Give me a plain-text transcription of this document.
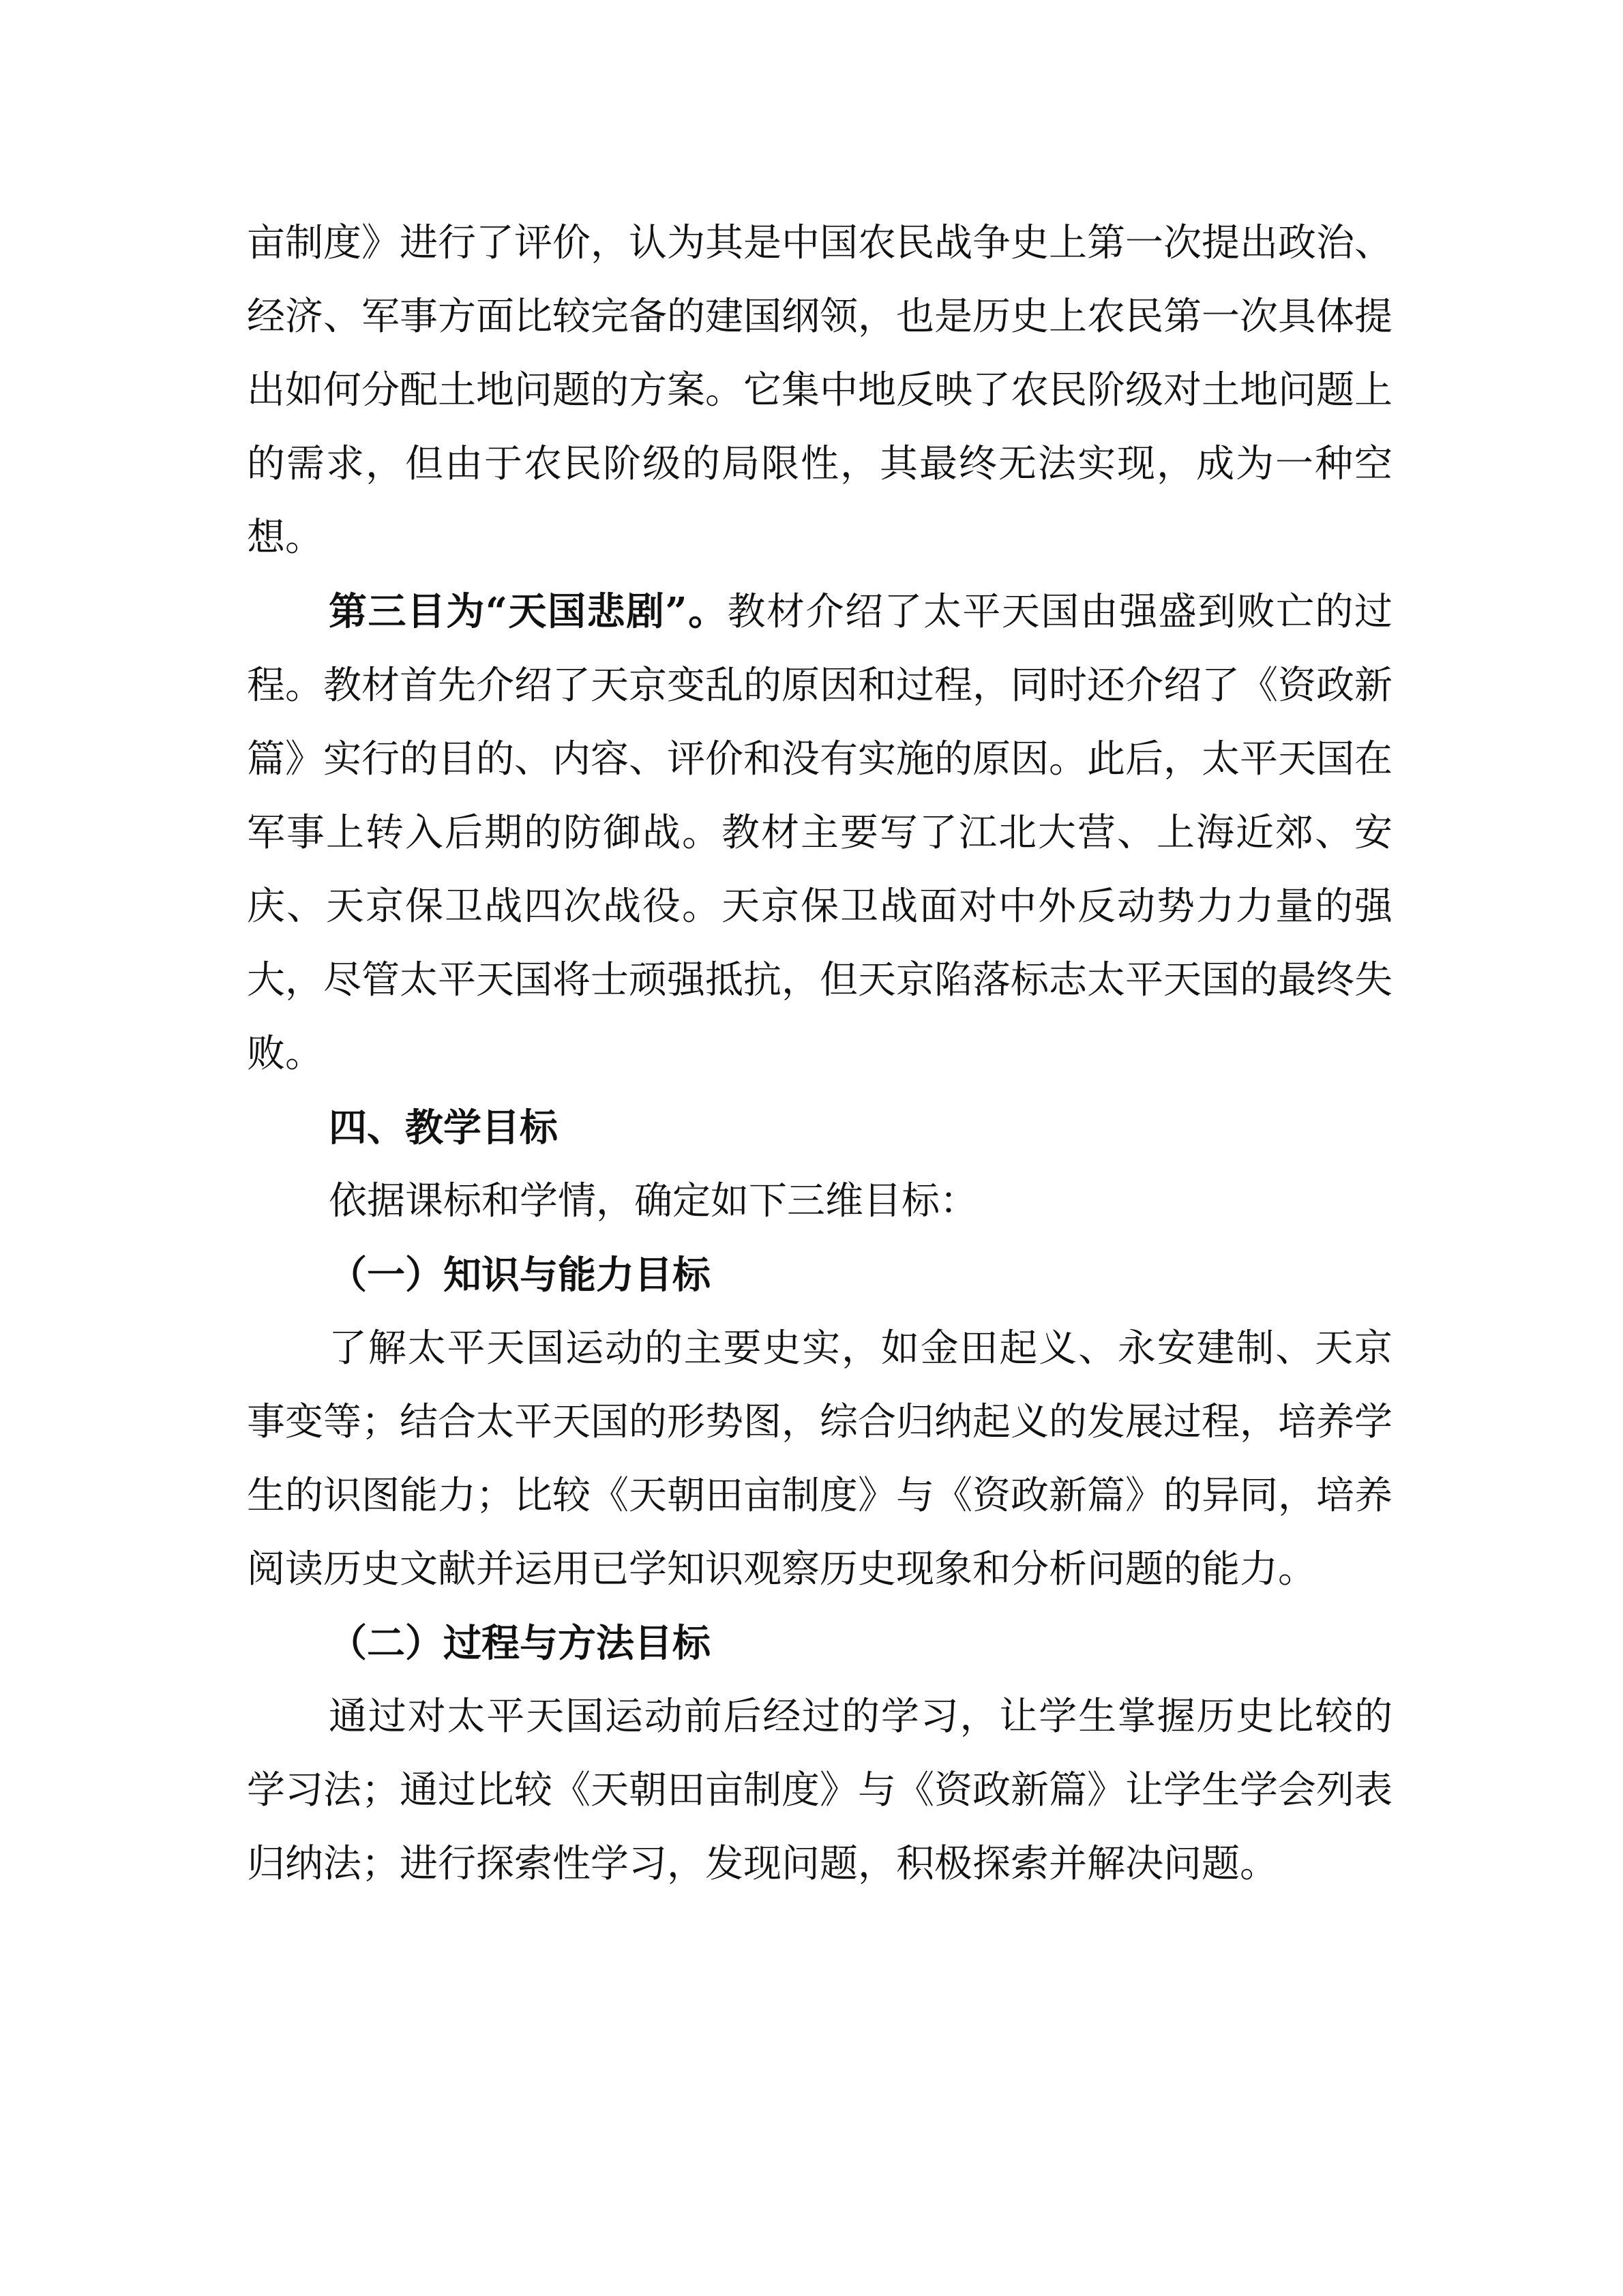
亩制度》进行了评价，认为其是中国农民战争史上第一次提出政治、经济、军事方面比较完备的建国纲领，也是历史上农民第一次具体提出如何分配土地问题的方案。它集中地反映了农民阶级对土地问题上的需求，但由于农民阶级的局限性，其最终无法实现，成为一种空想。

第三目为“天国悲剧”。教材介绍了太平天国由强盛到败亡的过程。教材首先介绍了天京变乱的原因和过程，同时还介绍了《资政新篇》实行的目的、内容、评价和没有实施的原因。此后，太平天国在军事上转入后期的防御战。教材主要写了江北大营、上海近郊、安庆、天京保卫战四次战役。天京保卫战面对中外反动势力力量的强大，尽管太平天国将士顽强抵抗，但天京陷落标志太平天国的最终失败。

四、教学目标

依据课标和学情，确定如下三维目标：

（一）知识与能力目标

了解太平天国运动的主要史实，如金田起义、永安建制、天京事变等；结合太平天国的形势图，综合归纳起义的发展过程，培养学生的识图能力；比较《天朝田亩制度》与《资政新篇》的异同，培养阅读历史文献并运用已学知识观察历史现象和分析问题的能力。

（二）过程与方法目标

通过对太平天国运动前后经过的学习，让学生掌握历史比较的学习法；通过比较《天朝田亩制度》与《资政新篇》让学生学会列表归纳法；进行探索性学习，发现问题，积极探索并解决问题。
